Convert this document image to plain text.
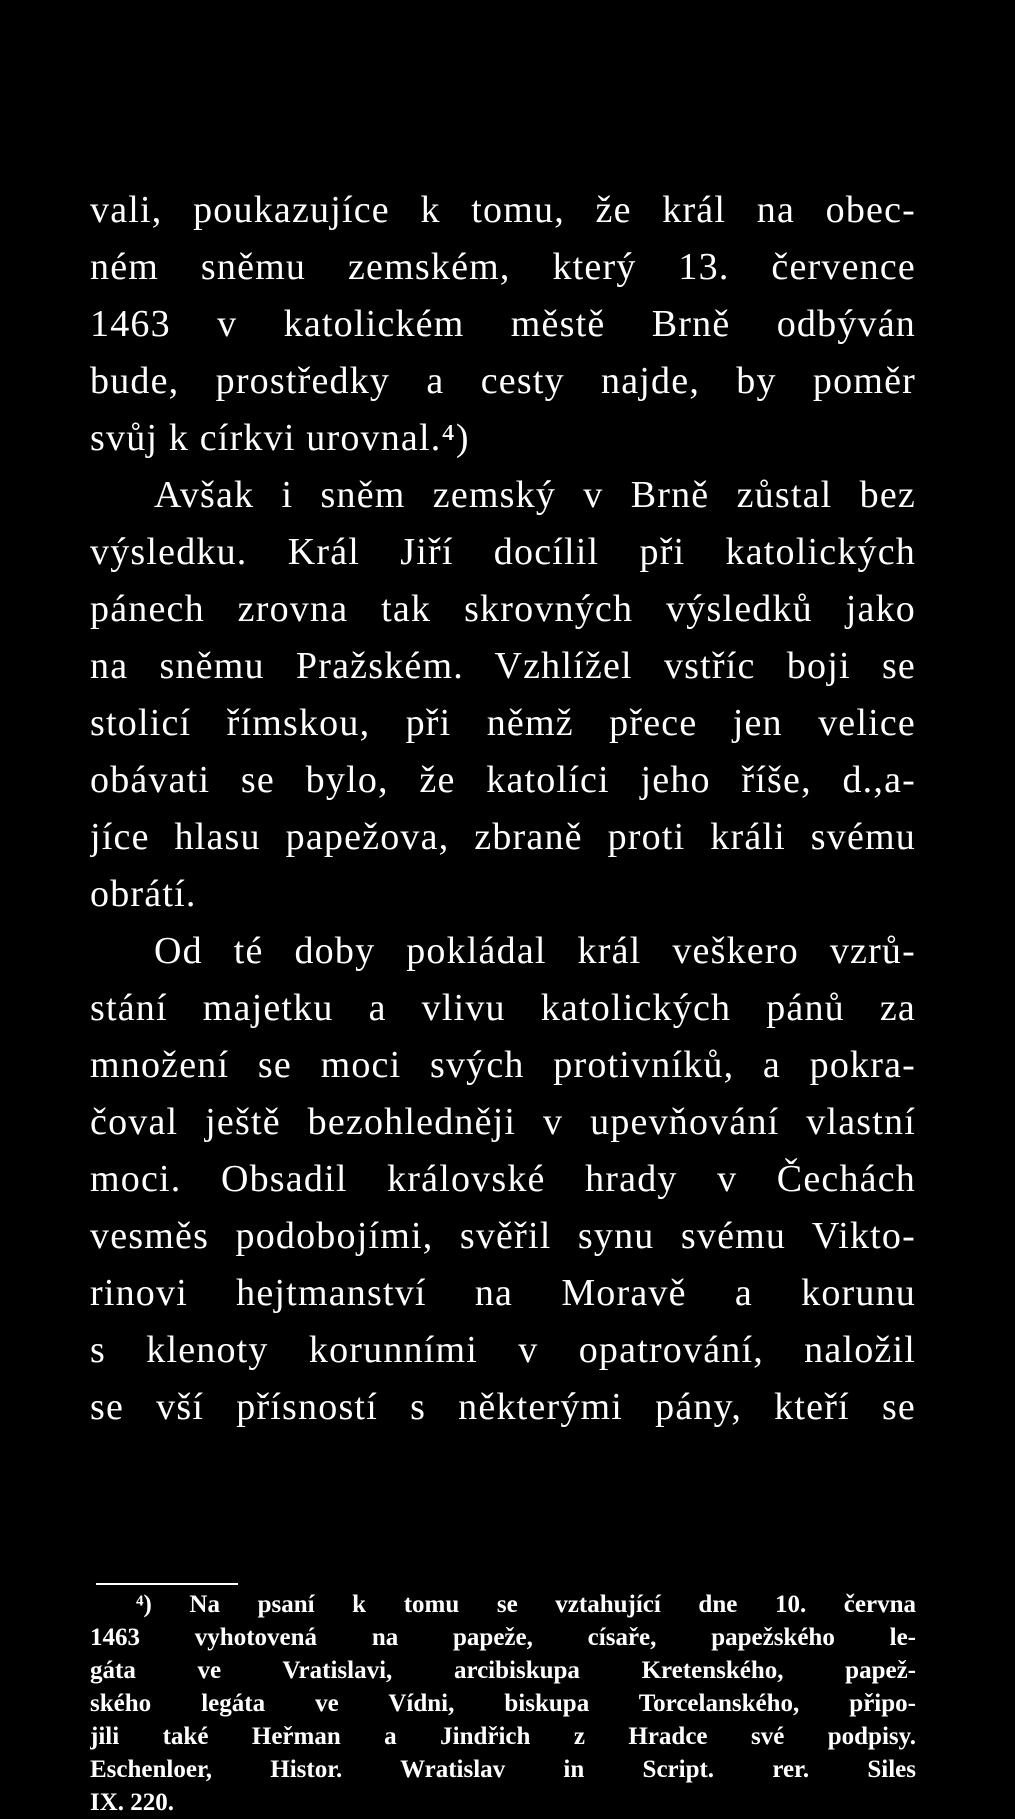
vali, poukazujíce k tomu, že král na obec-
ném sněmu zemském, který 13. července
1463 v katolickém městě Brně odbýván
bude, prostředky a cesty najde, by poměr
svůj k církvi urovnal.⁴)
Avšak i sněm zemský v Brně zůstal bez
výsledku. Král Jiří docílil při katolických
pánech zrovna tak skrovných výsledků jako
na sněmu Pražském. Vzhlížel vstříc boji se
stolicí římskou, při němž přece jen velice
obávati se bylo, že katolíci jeho říše, d.,a-
jíce hlasu papežova, zbraně proti králi svému
obrátí.
Od té doby pokládal král veškero vzrů-
stání majetku a vlivu katolických pánů za
množení se moci svých protivníků, a pokra-
čoval ještě bezohledněji v upevňování vlastní
moci. Obsadil královské hrady v Čechách
vesměs podobojími, svěřil synu svému Vikto-
rinovi hejtmanství na Moravě a korunu
s klenoty korunními v opatrování, naložil
se vší přísností s některými pány, kteří se
⁴) Na psaní k tomu se vztahující dne 10. června
1463 vyhotovená na papeže, císaře, papežského le-
gáta ve Vratislavi, arcibiskupa Kretenského, papež-
ského legáta ve Vídni, biskupa Torcelanského, připo-
jili také Heřman a Jindřich z Hradce své podpisy.
Eschenloer, Histor. Wratislav in Script. rer. Siles
IX. 220.
